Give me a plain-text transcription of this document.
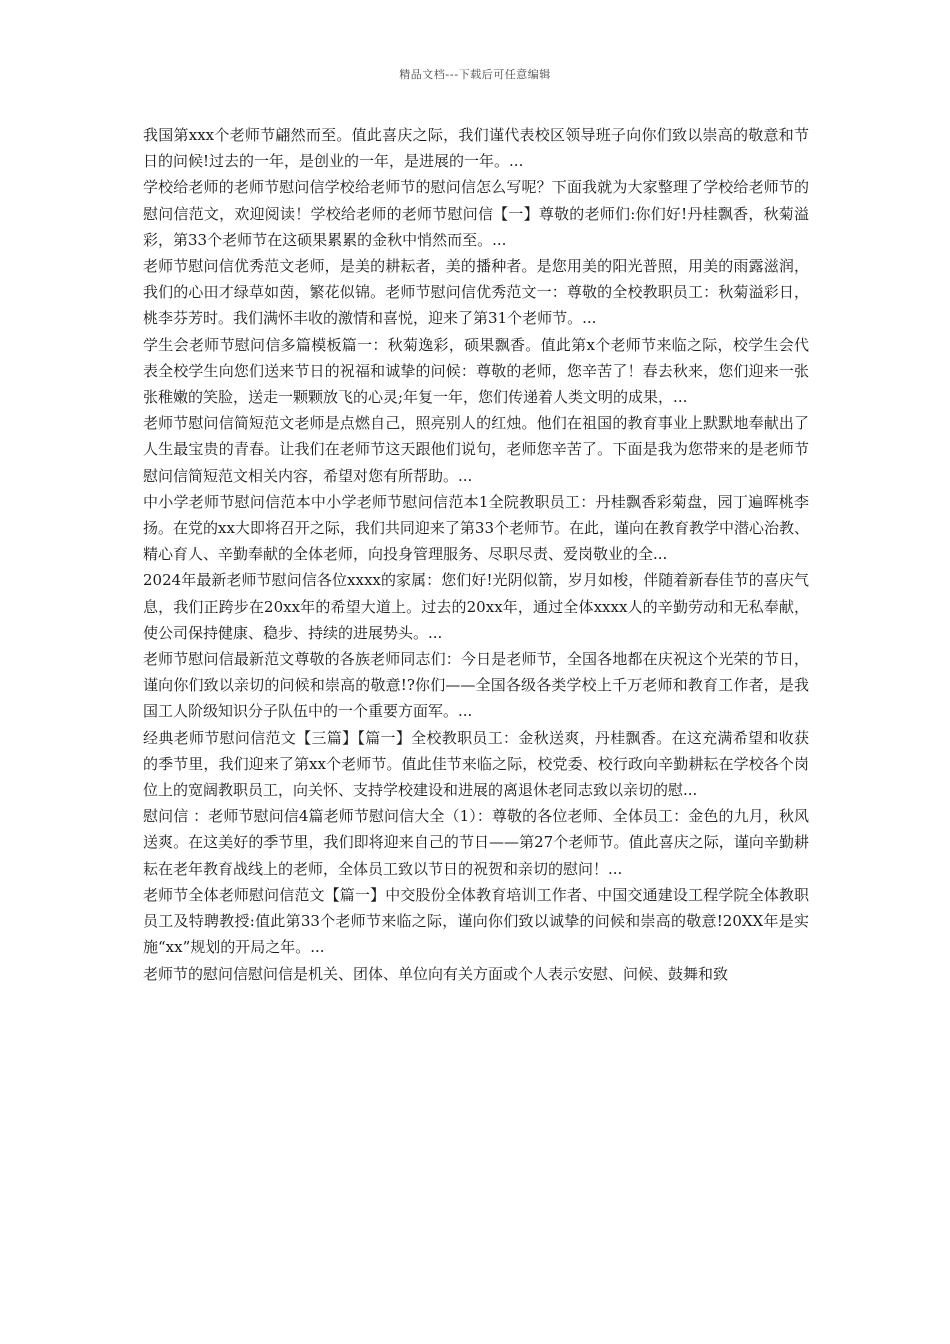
精品文档---下载后可任意编辑

我国第xxx个老师节翩然而至。值此喜庆之际，我们谨代表校区领导班子向你们致以崇高的敬意和节日的问候!过去的一年，是创业的一年，是进展的一年。...

学校给老师的老师节慰问信学校给老师节的慰问信怎么写呢？下面我就为大家整理了学校给老师节的慰问信范文，欢迎阅读！学校给老师的老师节慰问信【一】尊敬的老师们:你们好!丹桂飘香，秋菊溢彩，第33个老师节在这硕果累累的金秋中悄然而至。...

老师节慰问信优秀范文老师，是美的耕耘者，美的播种者。是您用美的阳光普照，用美的雨露滋润，我们的心田才绿草如茵，繁花似锦。老师节慰问信优秀范文一：尊敬的全校教职员工：秋菊溢彩日，桃李芬芳时。我们满怀丰收的激情和喜悦，迎来了第31个老师节。...

学生会老师节慰问信多篇模板篇一：秋菊逸彩，硕果飘香。值此第x个老师节来临之际，校学生会代表全校学生向您们送来节日的祝福和诚挚的问候：尊敬的老师，您辛苦了！春去秋来，您们迎来一张张稚嫩的笑脸，送走一颗颗放飞的心灵;年复一年，您们传递着人类文明的成果，...

老师节慰问信简短范文老师是点燃自己，照亮别人的红烛。他们在祖国的教育事业上默默地奉献出了人生最宝贵的青春。让我们在老师节这天跟他们说句，老师您辛苦了。下面是我为您带来的是老师节慰问信简短范文相关内容，希望对您有所帮助。...

中小学老师节慰问信范本中小学老师节慰问信范本1全院教职员工：丹桂飘香彩菊盘，园丁遍晖桃李扬。在党的xx大即将召开之际，我们共同迎来了第33个老师节。在此，谨向在教育教学中潜心治教、精心育人、辛勤奉献的全体老师，向投身管理服务、尽职尽责、爱岗敬业的全...

2024年最新老师节慰问信各位xxxx的家属：您们好!光阴似箭，岁月如梭，伴随着新春佳节的喜庆气息，我们正跨步在20xx年的希望大道上。过去的20xx年，通过全体xxxx人的辛勤劳动和无私奉献，使公司保持健康、稳步、持续的进展势头。...

老师节慰问信最新范文尊敬的各族老师同志们：今日是老师节，全国各地都在庆祝这个光荣的节日，谨向你们致以亲切的问候和崇高的敬意!?你们——全国各级各类学校上千万老师和教育工作者，是我国工人阶级知识分子队伍中的一个重要方面军。...

经典老师节慰问信范文【三篇】【篇一】全校教职员工：金秋送爽，丹桂飘香。在这充满希望和收获的季节里，我们迎来了第xx个老师节。值此佳节来临之际，校党委、校行政向辛勤耕耘在学校各个岗位上的宽阔教职员工，向关怀、支持学校建设和进展的离退休老同志致以亲切的慰...

慰问信 ：老师节慰问信4篇老师节慰问信大全（1）：尊敬的各位老师、全体员工：金色的九月，秋风送爽。在这美好的季节里，我们即将迎来自己的节日——第27个老师节。值此喜庆之际，谨向辛勤耕耘在老年教育战线上的老师，全体员工致以节日的祝贺和亲切的慰问！...

老师节全体老师慰问信范文【篇一】中交股份全体教育培训工作者、中国交通建设工程学院全体教职员工及特聘教授:值此第33个老师节来临之际，谨向你们致以诚挚的问候和崇高的敬意!20XX年是实施“xx”规划的开局之年。...

老师节的慰问信慰问信是机关、团体、单位向有关方面或个人表示安慰、问候、鼓舞和致
